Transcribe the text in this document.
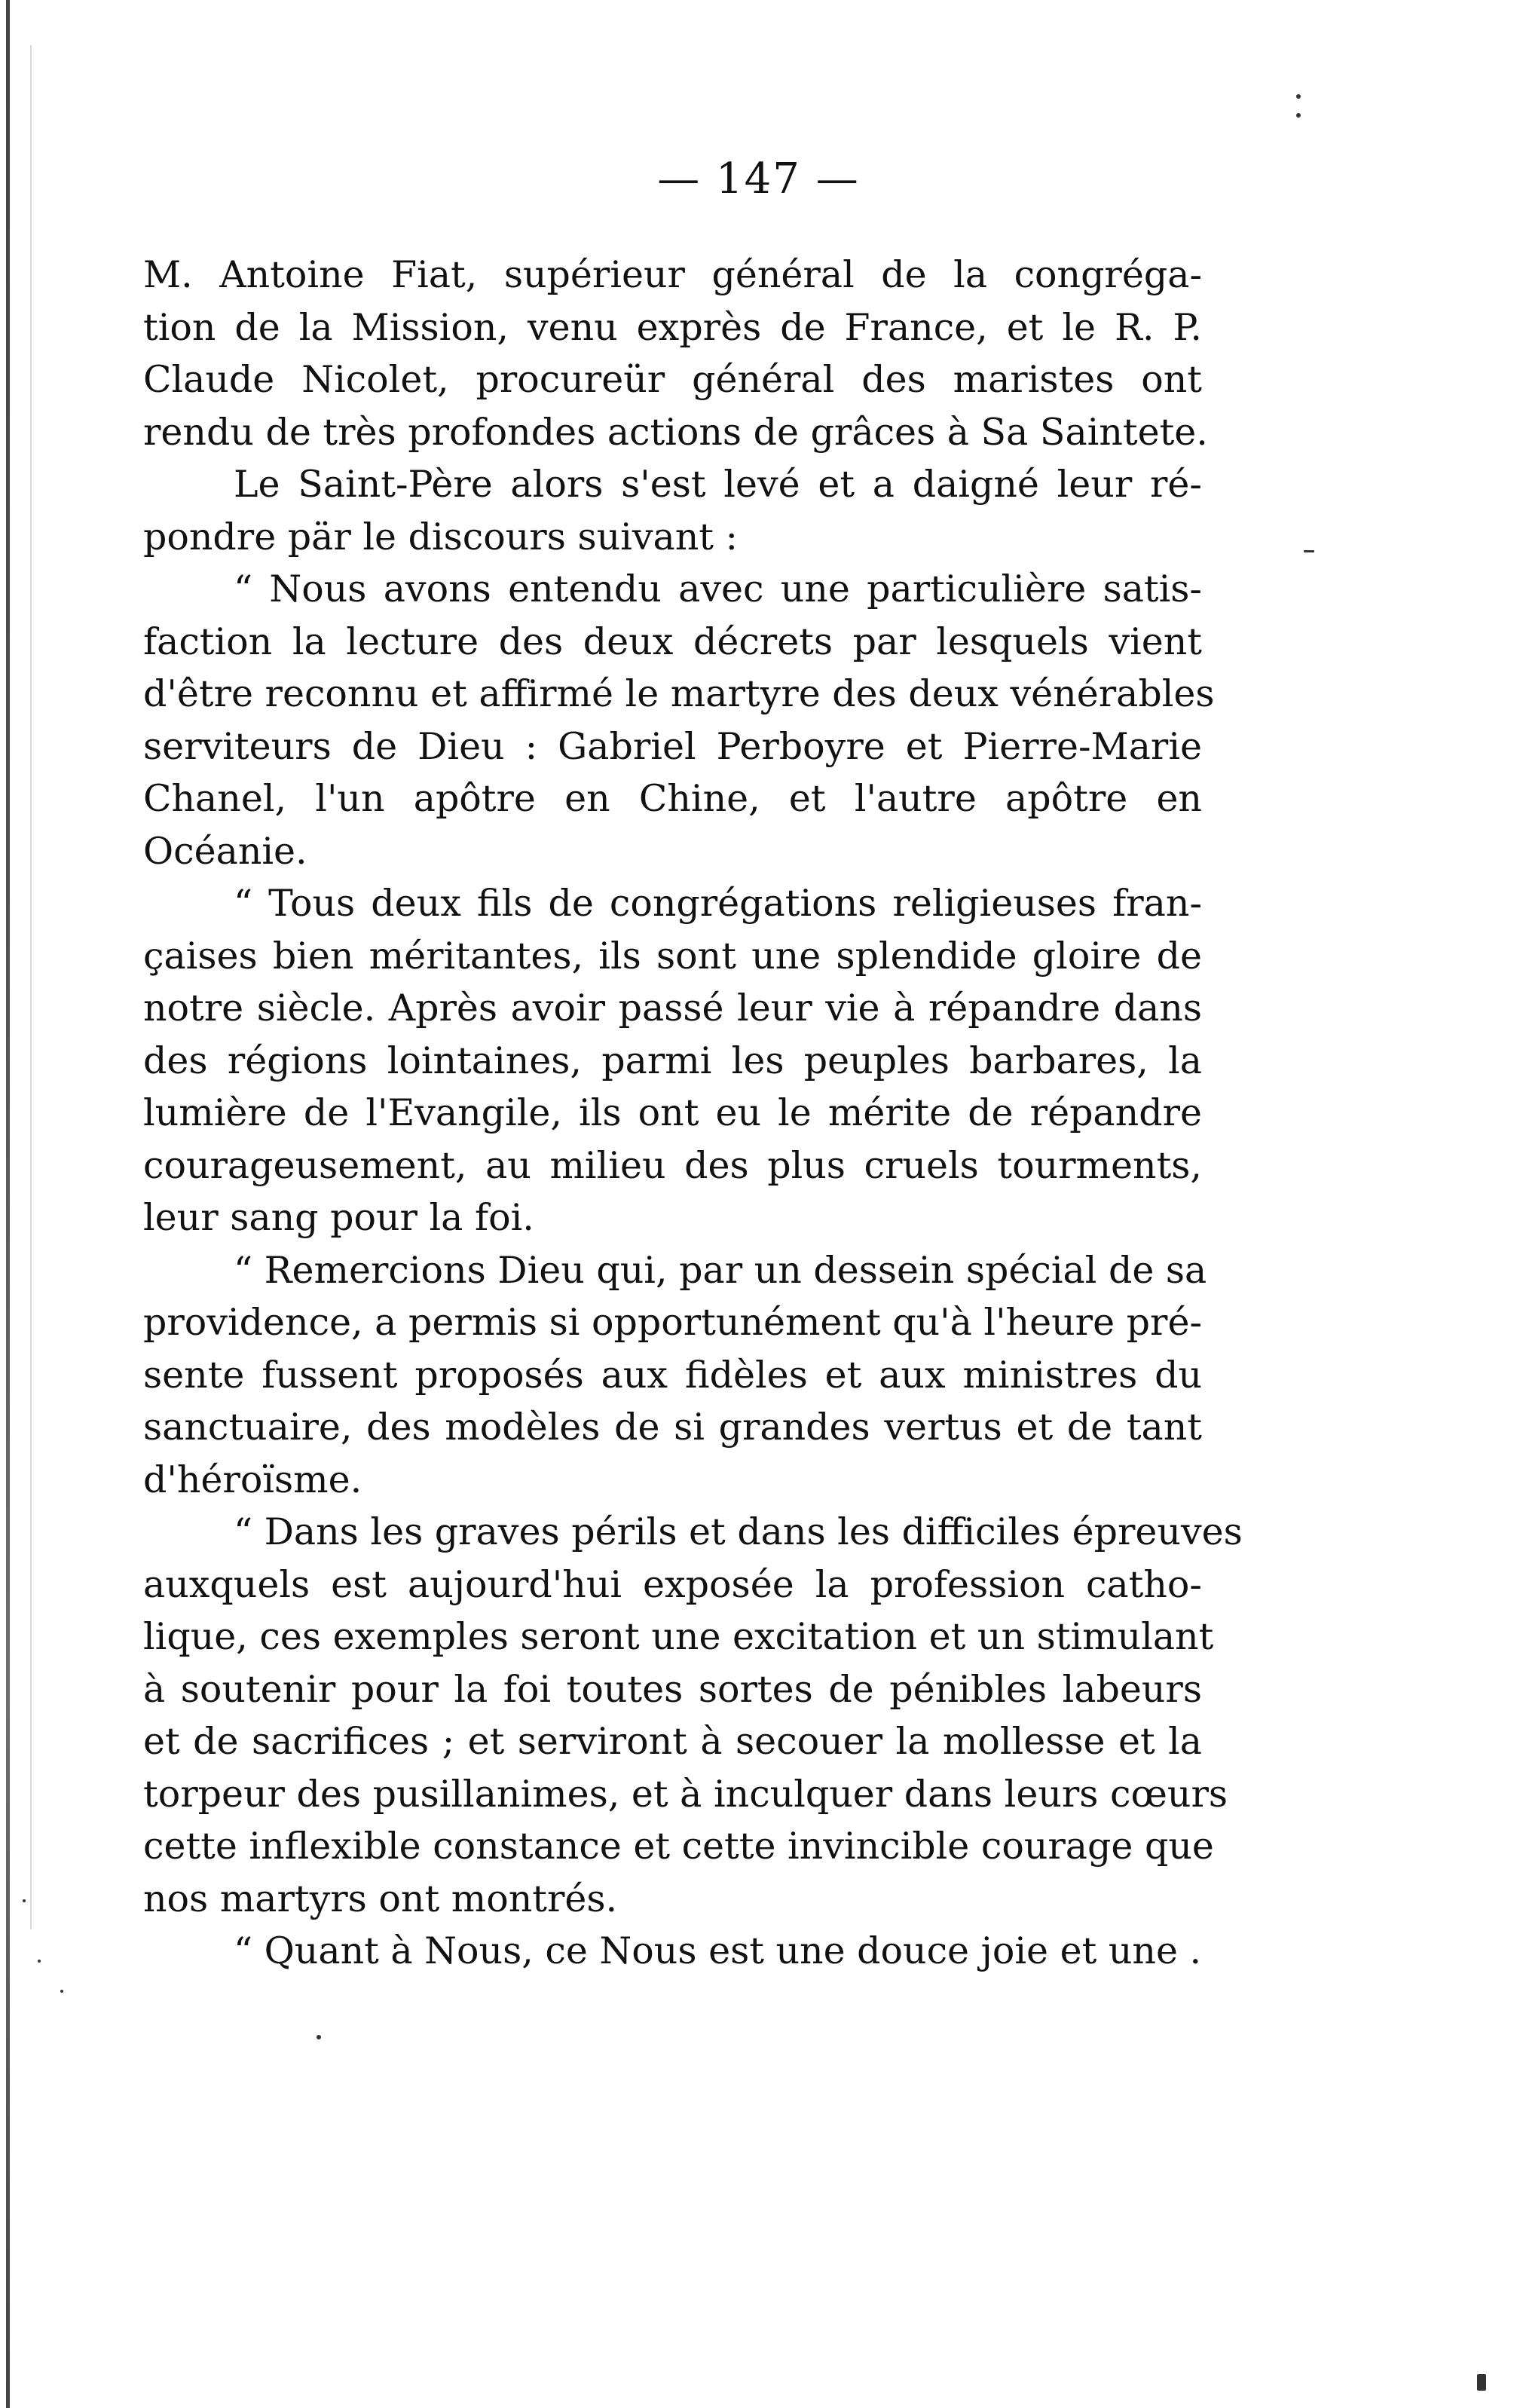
— 147 —
M. Antoine Fiat, supérieur général de la congréga-
tion de la Mission, venu exprès de France, et le R. P.
Claude Nicolet, procureür général des maristes ont
rendu de très profondes actions de grâces à Sa Saintete.
Le Saint-Père alors s'est levé et a daigné leur ré-
pondre pär le discours suivant :
“ Nous avons entendu avec une particulière satis-
faction la lecture des deux décrets par lesquels vient
d'être reconnu et affirmé le martyre des deux vénérables
serviteurs de Dieu : Gabriel Perboyre et Pierre-Marie
Chanel, l'un apôtre en Chine, et l'autre apôtre en
Océanie.
“ Tous deux fils de congrégations religieuses fran-
çaises bien méritantes, ils sont une splendide gloire de
notre siècle. Après avoir passé leur vie à répandre dans
des régions lointaines, parmi les peuples barbares, la
lumière de l'Evangile, ils ont eu le mérite de répandre
courageusement, au milieu des plus cruels tourments,
leur sang pour la foi.
“ Remercions Dieu qui, par un dessein spécial de sa
providence, a permis si opportunément qu'à l'heure pré-
sente fussent proposés aux fidèles et aux ministres du
sanctuaire, des modèles de si grandes vertus et de tant
d'héroïsme.
“ Dans les graves périls et dans les difficiles épreuves
auxquels est aujourd'hui exposée la profession catho-
lique, ces exemples seront une excitation et un stimulant
à soutenir pour la foi toutes sortes de pénibles labeurs
et de sacrifices ; et serviront à secouer la mollesse et la
torpeur des pusillanimes, et à inculquer dans leurs cœurs
cette inflexible constance et cette invincible courage que
nos martyrs ont montrés.
“ Quant à Nous, ce Nous est une douce joie et une .
